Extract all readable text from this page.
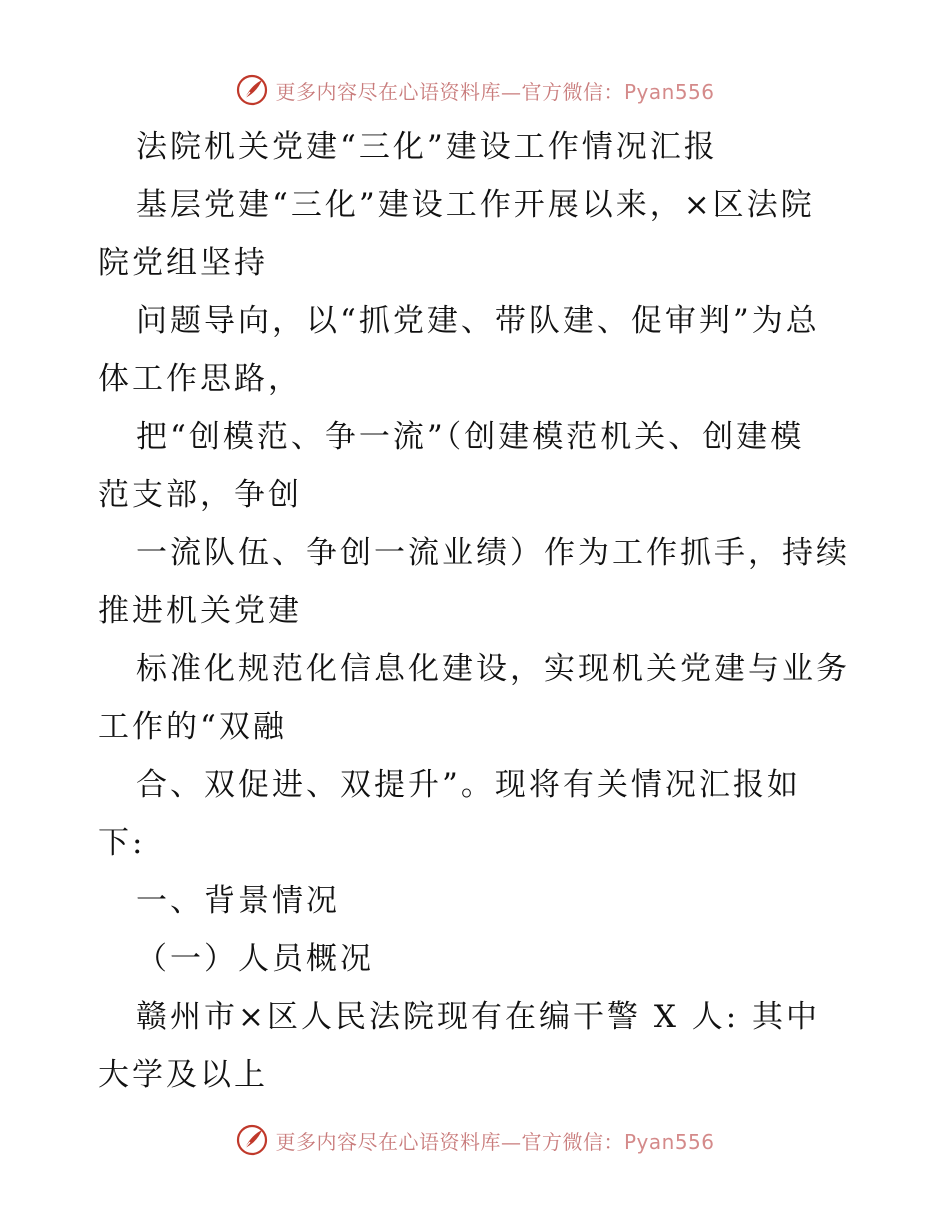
更多内容尽在心语资料库—官方微信：Pyan556
法院机关党建“三化”建设工作情况汇报
基层党建“三化”建设工作开展以来，×区法院
院党组坚持
问题导向，以“抓党建、带队建、促审判”为总
体工作思路，
把“创模范、争一流”（创建模范机关、创建模
范支部，争创
一流队伍、争创一流业绩）作为工作抓手，持续
推进机关党建
标准化规范化信息化建设，实现机关党建与业务
工作的“双融
合、双促进、双提升”。现将有关情况汇报如
下:
一、背景情况
（一）人员概况
赣州市×区人民法院现有在编干警 X 人: 其中
大学及以上
更多内容尽在心语资料库—官方微信：Pyan556
